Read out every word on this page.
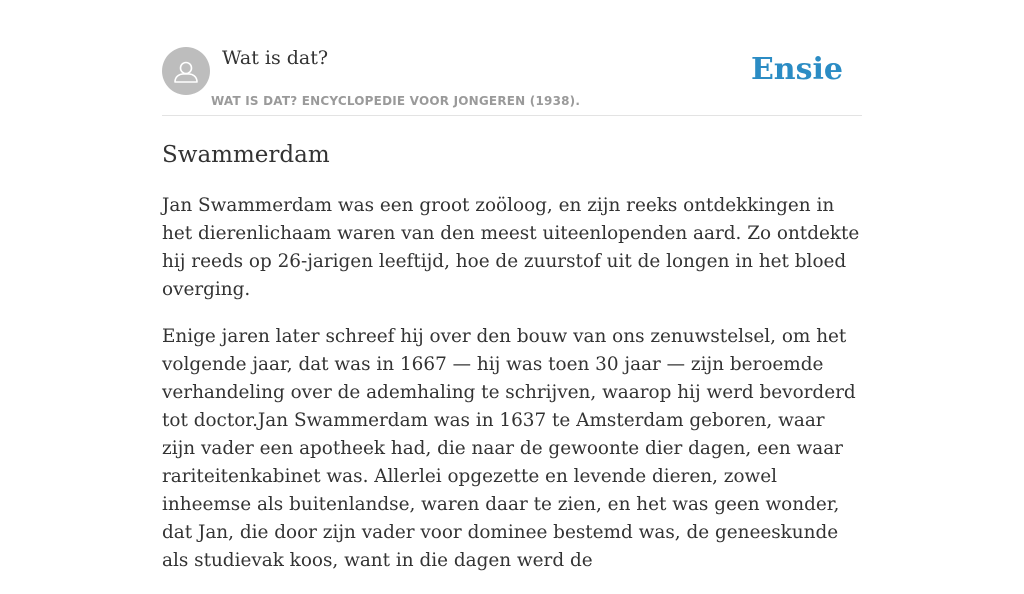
Wat is dat?
WAT IS DAT? ENCYCLOPEDIE VOOR JONGEREN (1938).
Ensie
Swammerdam

Jan Swammerdam was een groot zoöloog, en zijn reeks ontdekkingen in het dierenlichaam waren van den meest uiteenlopenden aard. Zo ontdekte hij reeds op 26-jarigen leeftijd, hoe de zuurstof uit de longen in het bloed overging.

Enige jaren later schreef hij over den bouw van ons zenuwstelsel, om het volgende jaar, dat was in 1667 — hij was toen 30 jaar — zijn beroemde verhandeling over de ademhaling te schrijven, waarop hij werd bevorderd tot doctor.Jan Swammerdam was in 1637 te Amsterdam geboren, waar zijn vader een apotheek had, die naar de gewoonte dier dagen, een waar rariteitenkabinet was. Allerlei opgezette en levende dieren, zowel inheemse als buitenlandse, waren daar te zien, en het was geen wonder, dat Jan, die door zijn vader voor dominee bestemd was, de geneeskunde als studievak koos, want in die dagen werd de
